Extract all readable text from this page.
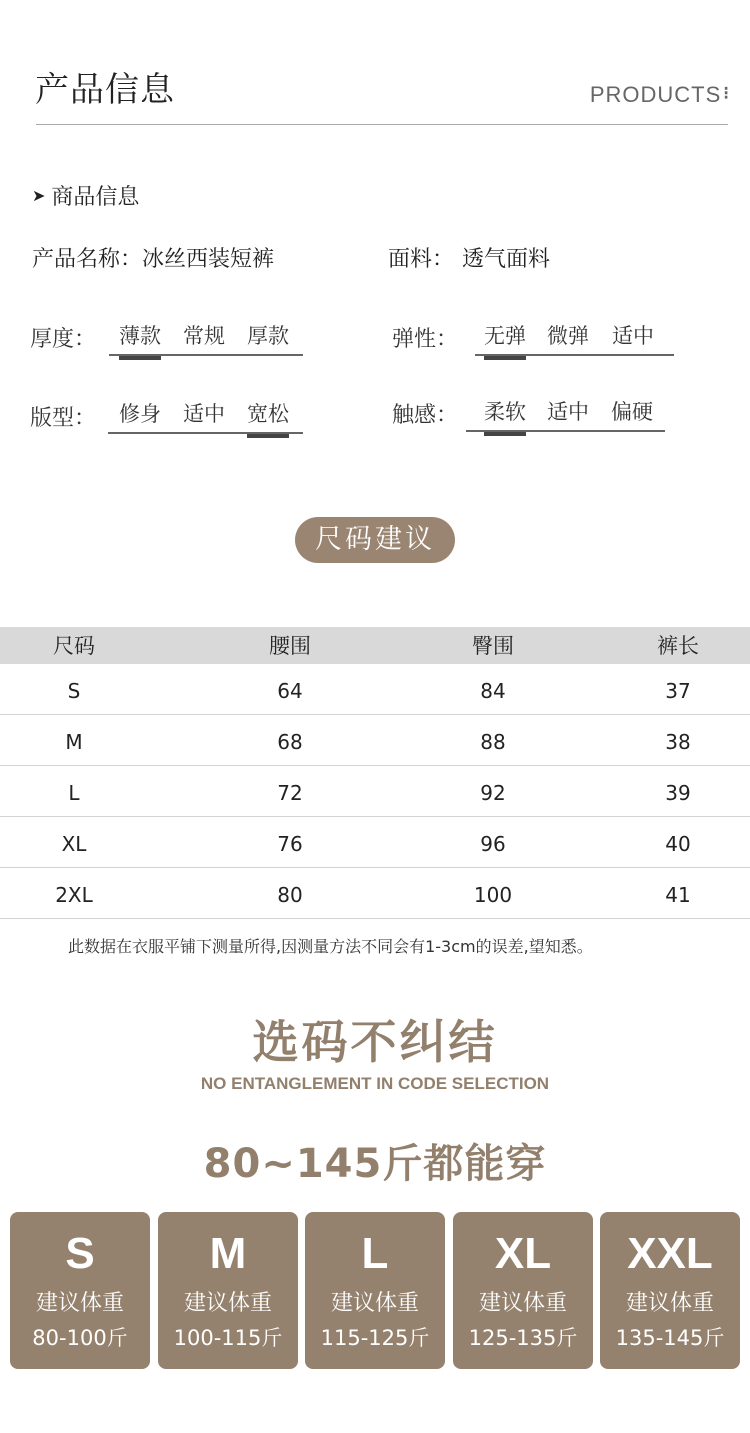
产品信息	PRODUCTS ⁝
➤ 商品信息
产品名称：冰丝西装短裤	面料： 透气面料
厚度： 薄款 常规 厚款	弹性： 无弹 微弹 适中
版型： 修身 适中 宽松	触感： 柔软 适中 偏硬
尺码建议
尺码	腰围	臀围	裤长
S	64	84	37
M	68	88	38
L	72	92	39
XL	76	96	40
2XL	80	100	41
此数据在衣服平铺下测量所得,因测量方法不同会有1-3cm的误差,望知悉。
选码不纠结
NO ENTANGLEMENT IN CODE SELECTION
80~145斤都能穿
S
建议体重
80-100斤
M
建议体重
100-115斤
L
建议体重
115-125斤
XL
建议体重
125-135斤
XXL
建议体重
135-145斤
